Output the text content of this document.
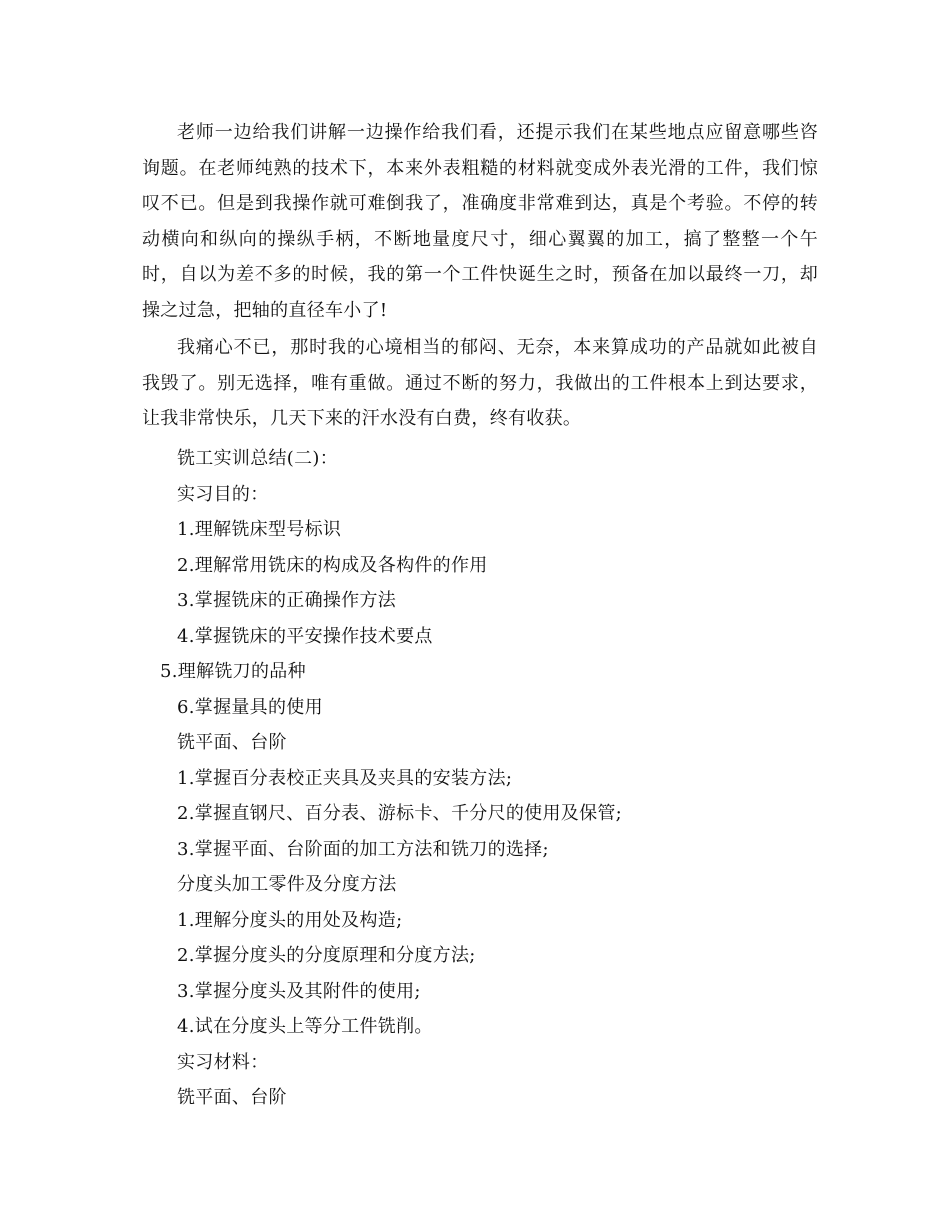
老师一边给我们讲解一边操作给我们看，还提示我们在某些地点应留意哪些咨
询题。在老师纯熟的技术下，本来外表粗糙的材料就变成外表光滑的工件，我们惊
叹不已。但是到我操作就可难倒我了，准确度非常难到达，真是个考验。不停的转
动横向和纵向的操纵手柄，不断地量度尺寸，细心翼翼的加工，搞了整整一个午
时，自以为差不多的时候，我的第一个工件快诞生之时，预备在加以最终一刀，却
操之过急，把轴的直径车小了!
我痛心不已，那时我的心境相当的郁闷、无奈，本来算成功的产品就如此被自
我毁了。别无选择，唯有重做。通过不断的努力，我做出的工件根本上到达要求，
让我非常快乐，几天下来的汗水没有白费，终有收获。
铣工实训总结(二)：
实习目的：
1.理解铣床型号标识
2.理解常用铣床的构成及各构件的作用
3.掌握铣床的正确操作方法
4.掌握铣床的平安操作技术要点
5.理解铣刀的品种
6.掌握量具的使用
铣平面、台阶
1.掌握百分表校正夹具及夹具的安装方法;
2.掌握直钢尺、百分表、游标卡、千分尺的使用及保管;
3.掌握平面、台阶面的加工方法和铣刀的选择;
分度头加工零件及分度方法
1.理解分度头的用处及构造;
2.掌握分度头的分度原理和分度方法;
3.掌握分度头及其附件的使用;
4.试在分度头上等分工件铣削。
实习材料：
铣平面、台阶
